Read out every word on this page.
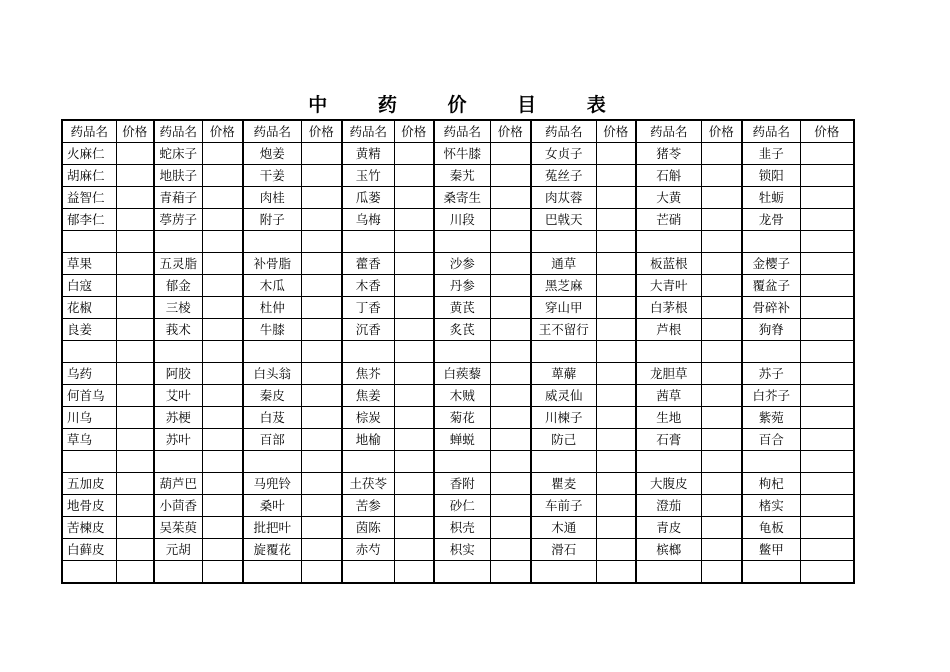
中 药 价 目 表
药品名	价格	药品名	价格	药品名	价格	药品名	价格	药品名	价格	药品名	价格	药品名	价格	药品名	价格
火麻仁		蛇床子		炮姜		黄精		怀牛膝		女贞子		猪苓		韭子	
胡麻仁		地肤子		干姜		玉竹		秦艽		菟丝子		石斛		锁阳	
益智仁		青葙子		肉桂		瓜蒌		桑寄生		肉苁蓉		大黄		牡蛎	
郁李仁		葶苈子		附子		乌梅		川段		巴戟天		芒硝		龙骨	

草果		五灵脂		补骨脂		藿香		沙参		通草		板蓝根		金樱子	
白寇		郁金		木瓜		木香		丹参		黑芝麻		大青叶		覆盆子	
花椒		三棱		杜仲		丁香		黄芪		穿山甲		白茅根		骨碎补	
良姜		莪术		牛膝		沉香		炙芪		王不留行		芦根		狗脊	

乌药		阿胶		白头翁		焦芥		白蒺藜		萆薢		龙胆草		苏子	
何首乌		艾叶		秦皮		焦姜		木贼		威灵仙		茜草		白芥子	
川乌		苏梗		白芨		棕炭		菊花		川楝子		生地		紫菀	
草乌		苏叶		百部		地榆		蝉蜕		防己		石膏		百合	

五加皮		葫芦巴		马兜铃		土茯苓		香附		瞿麦		大腹皮		枸杞	
地骨皮		小茴香		桑叶		苦参		砂仁		车前子		澄茄		楮实	
苦楝皮		吴茱萸		批把叶		茵陈		枳壳		木通		青皮		龟板	
白藓皮		元胡		旋覆花		赤芍		枳实		滑石		槟榔		鳖甲	
